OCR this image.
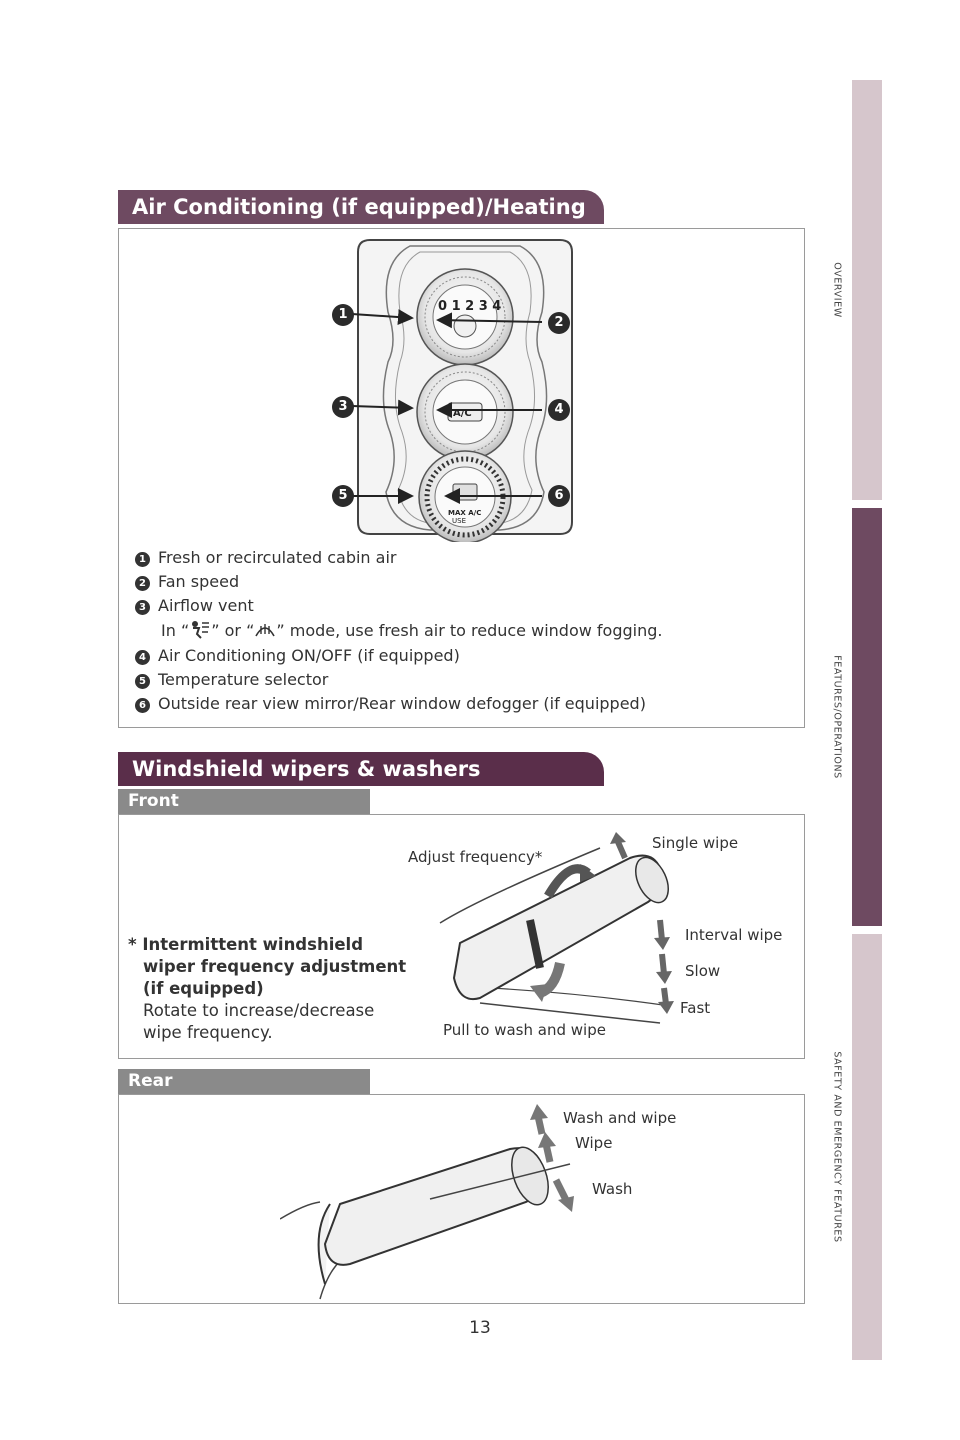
OVERVIEW
FEATURES/OPERATIONS
SAFETY AND EMERGENCY FEATURES
Air Conditioning (if equipped)/Heating
0 1 2 3 4
A/C
MAX A/C
USE
1
2
3	4
5	6
1 Fresh or recirculated cabin air
2 Fan speed
3 Airflow vent
In “ ” or “ ” mode, use fresh air to reduce window fogging.
4 Air Conditioning ON/OFF (if equipped)
5 Temperature selector
6 Outside rear view mirror/Rear window defogger (if equipped)
Windshield wipers & washers
Front
Adjust frequency*
Single wipe
Interval wipe
Slow
Fast
Pull to wash and wipe
* Intermittent windshield
wiper frequency adjustment
(if equipped)
Rotate to increase/decrease
wipe frequency.
Rear
Wash and wipe
Wipe
Wash
13
